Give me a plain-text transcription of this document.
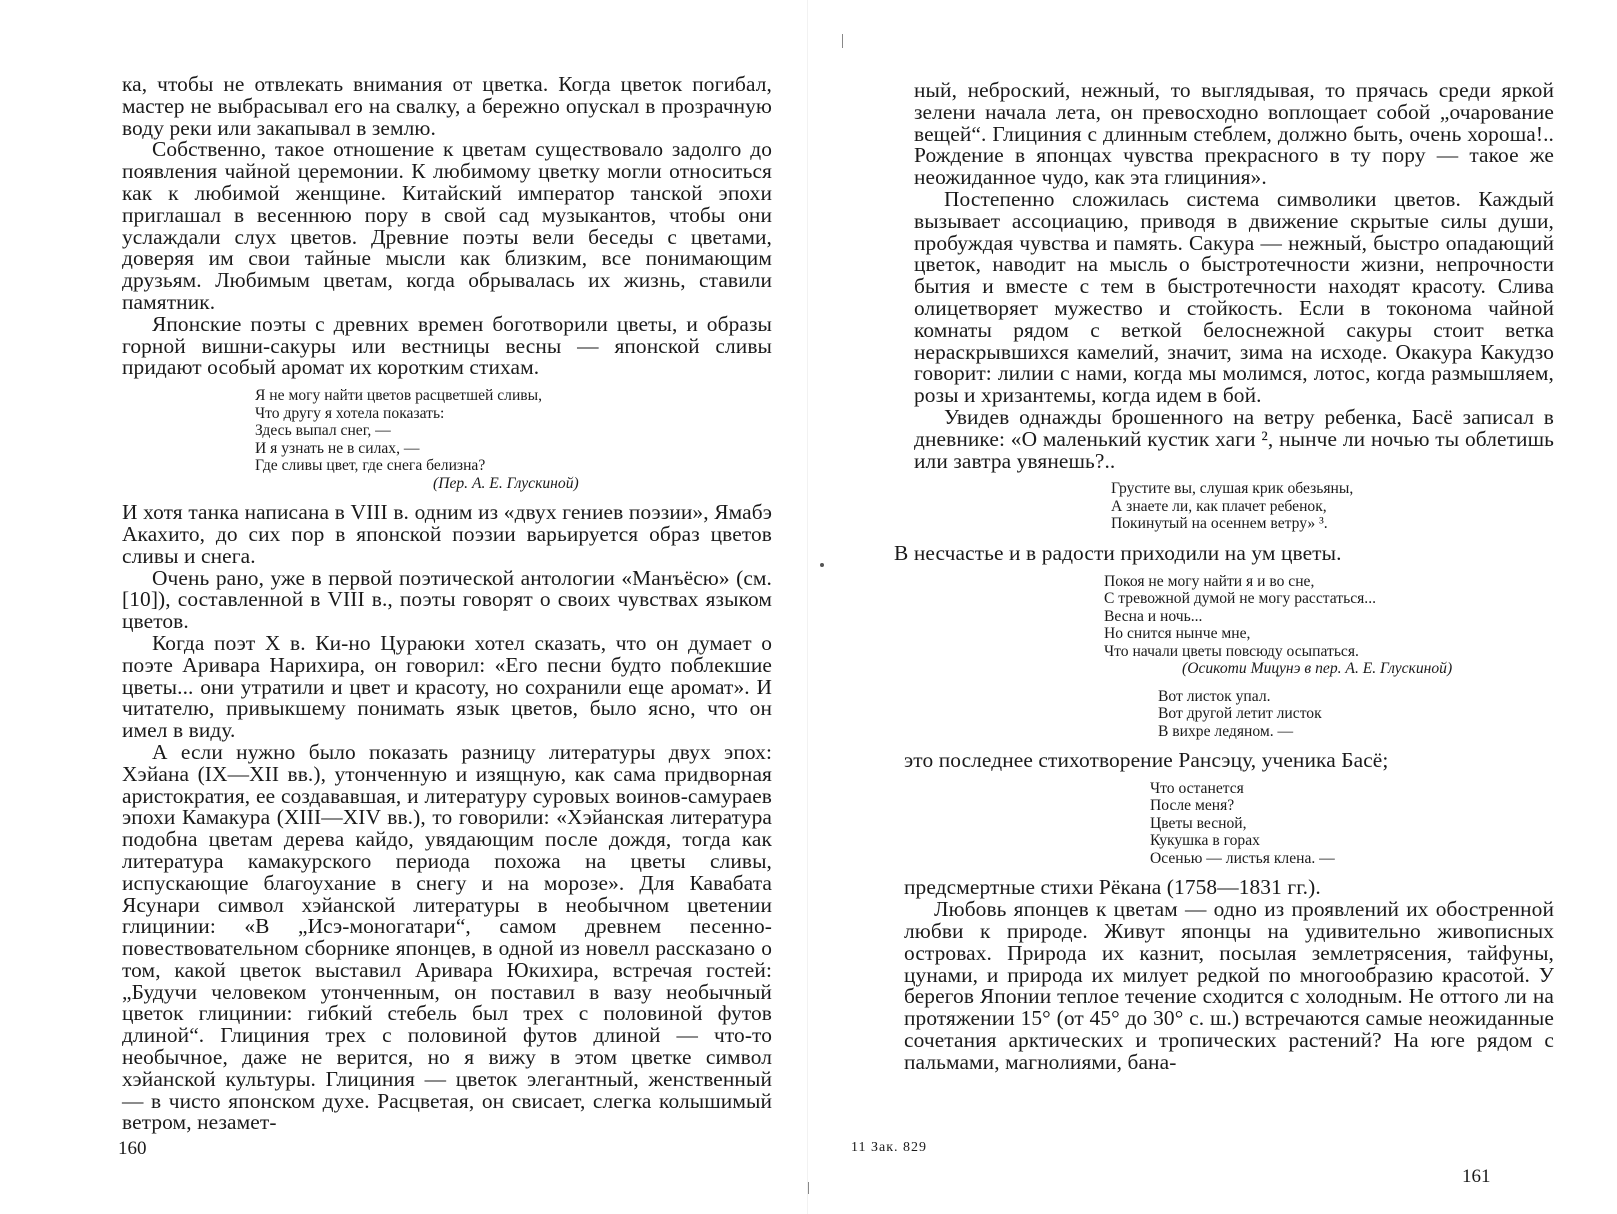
ка, чтобы не отвлекать внимания от цветка. Когда цветок погибал, мастер не выбрасывал его на свалку, а бережно опускал в прозрачную воду реки или закапывал в землю.

Собственно, такое отношение к цветам существовало задолго до появления чайной церемонии. К любимому цветку могли относиться как к любимой женщине. Китайский император танской эпохи приглашал в весеннюю пору в свой сад музыкантов, чтобы они услаждали слух цветов. Древние поэты вели беседы с цветами, доверяя им свои тайные мысли как близким, все понимающим друзьям. Любимым цветам, когда обрывалась их жизнь, ставили памятник.

Японские поэты с древних времен боготворили цветы, и образы горной вишни-сакуры или вестницы весны — японской сливы придают особый аромат их коротким стихам.

Я не могу найти цветов расцветшей сливы,
Что другу я хотела показать:
Здесь выпал снег, —
И я узнать не в силах, —
Где сливы цвет, где снега белизна?
(Пер. А. Е. Глускиной)

И хотя танка написана в VIII в. одним из «двух гениев поэзии», Ямабэ Акахито, до сих пор в японской поэзии варьируется образ цветов сливы и снега.

Очень рано, уже в первой поэтической антологии «Манъёсю» (см. [10]), составленной в VIII в., поэты говорят о своих чувствах языком цветов.

Когда поэт X в. Ки-но Цураюки хотел сказать, что он думает о поэте Аривара Нарихира, он говорил: «Его песни будто поблекшие цветы... они утратили и цвет и красоту, но сохранили еще аромат». И читателю, привыкшему понимать язык цветов, было ясно, что он имел в виду.

А если нужно было показать разницу литературы двух эпох: Хэйана (IX—XII вв.), утонченную и изящную, как сама придворная аристократия, ее создававшая, и литературу суровых воинов-самураев эпохи Камакура (XIII—XIV вв.), то говорили: «Хэйанская литература подобна цветам дерева кайдо, увядающим после дождя, тогда как литература камакурского периода похожа на цветы сливы, испускающие благоухание в снегу и на морозе». Для Кавабата Ясунари символ хэйанской литературы в необычном цветении глицинии: «В „Исэ-моногатари“, самом древнем песенно-повествовательном сборнике японцев, в одной из новелл рассказано о том, какой цветок выставил Аривара Юкихира, встречая гостей: „Будучи человеком утонченным, он поставил в вазу необычный цветок глицинии: гибкий стебель был трех с половиной футов длиной“. Глициния трех с половиной футов длиной — что-то необычное, даже не верится, но я вижу в этом цветке символ хэйанской культуры. Глициния — цветок элегантный, женственный — в чисто японском духе. Расцветая, он свисает, слегка колышимый ветром, незамет-

160

ный, неброский, нежный, то выглядывая, то прячась среди яркой зелени начала лета, он превосходно воплощает собой „очарование вещей“. Глициния с длинным стеблем, должно быть, очень хороша!.. Рождение в японцах чувства прекрасного в ту пору — такое же неожиданное чудо, как эта глициния».

Постепенно сложилась система символики цветов. Каждый вызывает ассоциацию, приводя в движение скрытые силы души, пробуждая чувства и память. Сакура — нежный, быстро опадающий цветок, наводит на мысль о быстротечности жизни, непрочности бытия и вместе с тем в быстротечности находят красоту. Слива олицетворяет мужество и стойкость. Если в токонома чайной комнаты рядом с веткой белоснежной сакуры стоит ветка нераскрывшихся камелий, значит, зима на исходе. Окакура Какудзо говорит: лилии с нами, когда мы молимся, лотос, когда размышляем, розы и хризантемы, когда идем в бой.

Увидев однажды брошенного на ветру ребенка, Басё записал в дневнике: «О маленький кустик хаги ², нынче ли ночью ты облетишь или завтра увянешь?..

Грустите вы, слушая крик обезьяны,
А знаете ли, как плачет ребенок,
Покинутый на осеннем ветру» ³.

В несчастье и в радости приходили на ум цветы.

Покоя не могу найти я и во сне,
С тревожной думой не могу расстаться...
Весна и ночь...
Но снится нынче мне,
Что начали цветы повсюду осыпаться.
(Осикоти Мицунэ в пер. А. Е. Глускиной)
Вот листок упал.
Вот другой летит листок
В вихре ледяном. —

это последнее стихотворение Рансэцу, ученика Басё;

Что останется
После меня?
Цветы весной,
Кукушка в горах
Осенью — листья клена. —

предсмертные стихи Рёкана (1758—1831 гг.).

Любовь японцев к цветам — одно из проявлений их обостренной любви к природе. Живут японцы на удивительно живописных островах. Природа их казнит, посылая землетрясения, тайфуны, цунами, и природа их милует редкой по многообразию красотой. У берегов Японии теплое течение сходится с холодным. Не оттого ли на протяжении 15° (от 45° до 30° с. ш.) встречаются самые неожиданные сочетания арктических и тропических растений? На юге рядом с пальмами, магнолиями, бана-

11 Зак. 829
161
